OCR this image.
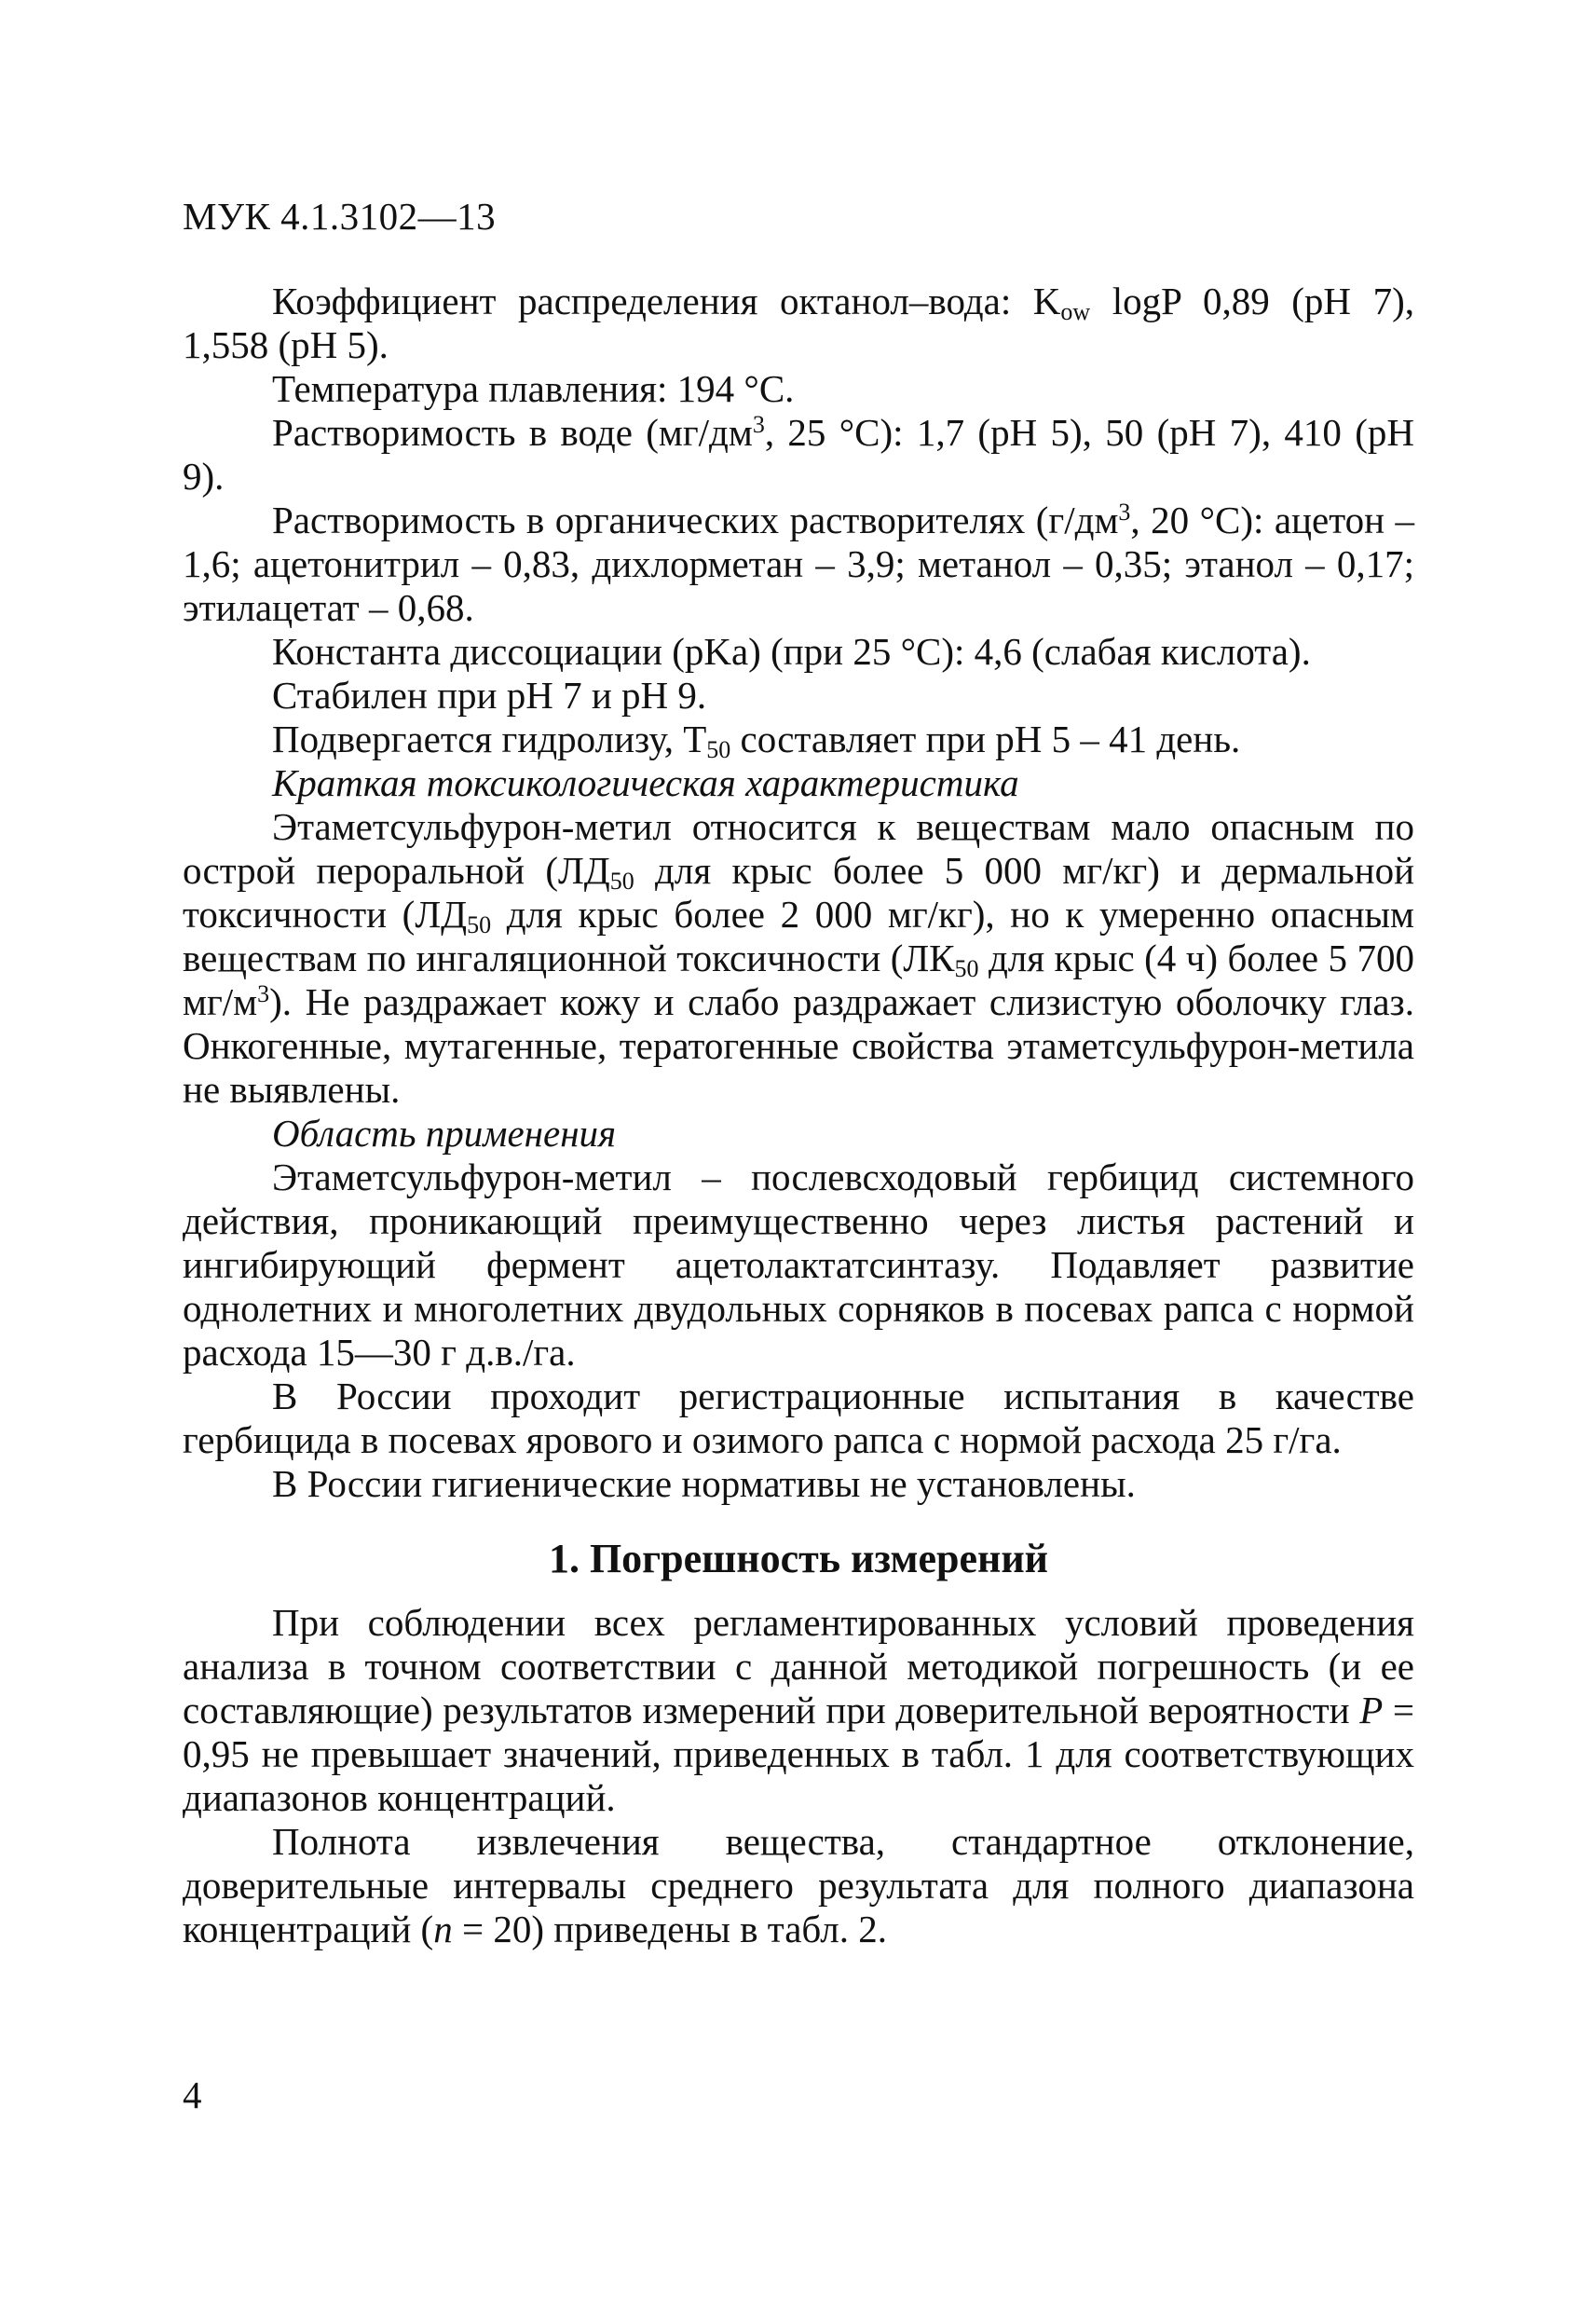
МУК 4.1.3102—13

Коэффициент распределения октанол–вода: $K_{ow}$ logP 0,89 (pH 7), 1,558 (pH 5).

Температура плавления: 194 °C.

Растворимость в воде ($мг/дм^3$, 25 °C): 1,7 (pH 5), 50 (pH 7), 410 (pH 9).

Растворимость в органических растворителях ($г/дм^3$, 20 °C): ацетон – 1,6; ацетонитрил – 0,83, дихлорметан – 3,9; метанол – 0,35; этанол – 0,17; этилацетат – 0,68.

Константа диссоциации (pKa) (при 25 °C): 4,6 (слабая кислота).

Стабилен при pH 7 и pH 9.

Подвергается гидролизу, $T_{50}$ составляет при pH 5 – 41 день.

Краткая токсикологическая характеристика

Этаметсульфурон-метил относится к веществам мало опасным по острой пероральной ($ЛД_{50}$ для крыс более 5 000 мг/кг) и дермальной токсичности ($ЛД_{50}$ для крыс более 2 000 мг/кг), но к умеренно опасным веществам по ингаляционной токсичности ($ЛК_{50}$ для крыс (4 ч) более 5 700 $мг/м^3$). Не раздражает кожу и слабо раздражает слизистую оболочку глаз. Онкогенные, мутагенные, тератогенные свойства этаметсульфурон-метила не выявлены.

Область применения

Этаметсульфурон-метил – послевсходовый гербицид системного действия, проникающий преимущественно через листья растений и ингибирующий фермент ацетолактатсинтазу. Подавляет развитие однолетних и многолетних двудольных сорняков в посевах рапса с нормой расхода 15—30 г д.в./га.

В России проходит регистрационные испытания в качестве гербицида в посевах ярового и озимого рапса с нормой расхода 25 г/га.

В России гигиенические нормативы не установлены.

1. Погрешность измерений

При соблюдении всех регламентированных условий проведения анализа в точном соответствии с данной методикой погрешность (и ее составляющие) результатов измерений при доверительной вероятности P = 0,95 не превышает значений, приведенных в табл. 1 для соответствующих диапазонов концентраций.

Полнота извлечения вещества, стандартное отклонение, доверительные интервалы среднего результата для полного диапазона концентраций (n = 20) приведены в табл. 2.

4
